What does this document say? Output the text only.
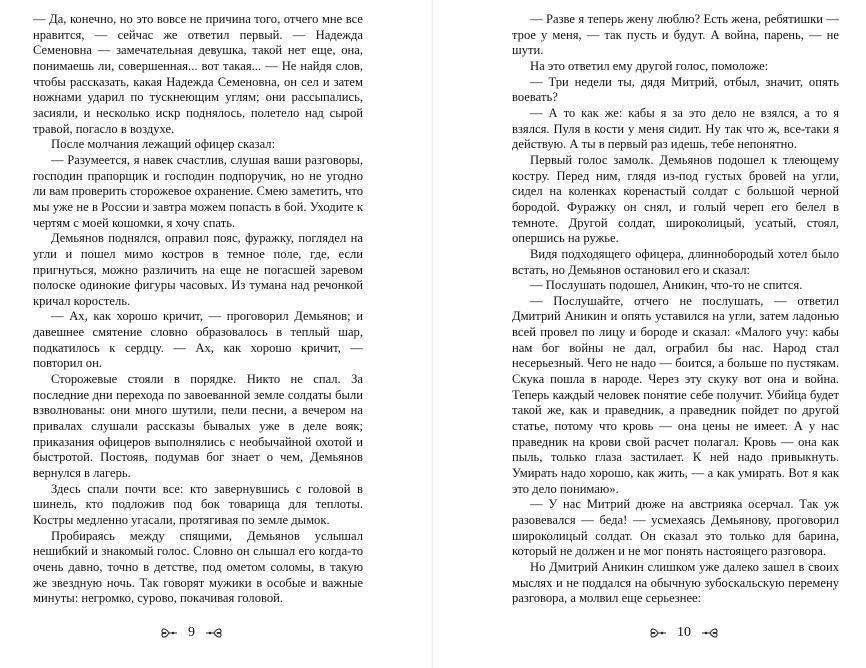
— Да, конечно, но это вовсе не причина того, отчего мне все нравится, — сейчас же ответил первый. — Надежда Семеновна — замечательная девушка, такой нет еще, она, понимаешь ли, совершенная... вот такая... — Не найдя слов, чтобы рассказать, какая Надежда Семеновна, он сел и затем ножнами ударил по тускнеющим углям; они рассыпались, засияли, и несколько искр поднялось, полетело над сырой травой, погасло в воздухе.

После молчания лежащий офицер сказал:

— Разумеется, я навек счастлив, слушая ваши разговоры, господин прапорщик и господин подпоручик, но не угодно ли вам проверить сторожевое охранение. Смею заметить, что мы уже не в России и завтра можем попасть в бой. Уходите к чертям с моей кошомки, я хочу спать.

Демьянов поднялся, оправил пояс, фуражку, поглядел на угли и пошел мимо костров в темное поле, где, если пригнуться, можно различить на еще не погасшей заревом полоске одинокие фигуры часовых. Из тумана над речонкой кричал коростель.

— Ах, как хорошо кричит, — проговорил Демьянов; и давешнее смятение словно образовалось в теплый шар, подкатилось к сердцу. — Ах, как хорошо кричит, — повторил он.

Сторожевые стояли в порядке. Никто не спал. За последние дни перехода по завоеванной земле солдаты были взволнованы: они много шутили, пели песни, а вечером на привалах слушали рассказы бывалых уже в деле вояк; приказания офицеров выполнялись с необычайной охотой и быстротой. Постояв, подумав бог знает о чем, Демьянов вернулся в лагерь.

Здесь спали почти все: кто завернувшись с головой в шинель, кто подложив под бок товарища для теплоты. Костры медленно угасали, протягивая по земле дымок.

Пробираясь между спящими, Демьянов услышал нешибкий и знакомый голос. Словно он слышал его когда-то очень давно, точно в детстве, под ометом соломы, в такую же звездную ночь. Так говорят мужики в особые и важные минуты: негромко, сурово, покачивая головой.

9

— Разве я теперь жену люблю? Есть жена, ребятишки — трое у меня, — так пусть и будут. А война, парень, — не шути.

На это ответил ему другой голос, помоложе:

— Три недели ты, дядя Митрий, отбыл, значит, опять воевать?

— А то как же: кабы я за это дело не взялся, а то я взялся. Пуля в кости у меня сидит. Ну так что ж, все-таки я действую. А ты в первый раз идешь, тебе непонятно.

Первый голос замолк. Демьянов подошел к тлеющему костру. Перед ним, глядя из-под густых бровей на угли, сидел на коленках коренастый солдат с большой черной бородой. Фуражку он снял, и голый череп его белел в темноте. Другой солдат, широколицый, усатый, стоял, опершись на ружье.

Видя подходящего офицера, длиннобородый хотел было встать, но Демьянов остановил его и сказал:

— Послушать подошел, Аникин, что-то не спится.

— Послушайте, отчего не послушать, — ответил Дмитрий Аникин и опять уставился на угли, затем ладонью всей провел по лицу и бороде и сказал: «Малого учу: кабы нам бог войны не дал, ограбил бы нас. Народ стал несерьезный. Чего не надо — боится, а больше по пустякам. Скука пошла в народе. Через эту скуку вот она и война. Теперь каждый человек понятие себе получит. Убийца будет такой же, как и праведник, а праведник пойдет по другой статье, потому что кровь — она цены не имеет. А у нас праведник на крови свой расчет полагал. Кровь — она как пыль, только глаза застилает. К ней надо привыкнуть. Умирать надо хорошо, как жить, — а как умирать. Вот я как это дело понимаю».

— У нас Митрий дюже на австрияка осерчал. Так уж разовевался — беда! — усмехаясь Демьянову, проговорил широколицый солдат. Он сказал это только для барина, который не должен и не мог понять настоящего разговора.

Но Дмитрий Аникин слишком уже далеко зашел в своих мыслях и не поддался на обычную зубоскальскую перемену разговора, а молвил еще серьезнее:

10
